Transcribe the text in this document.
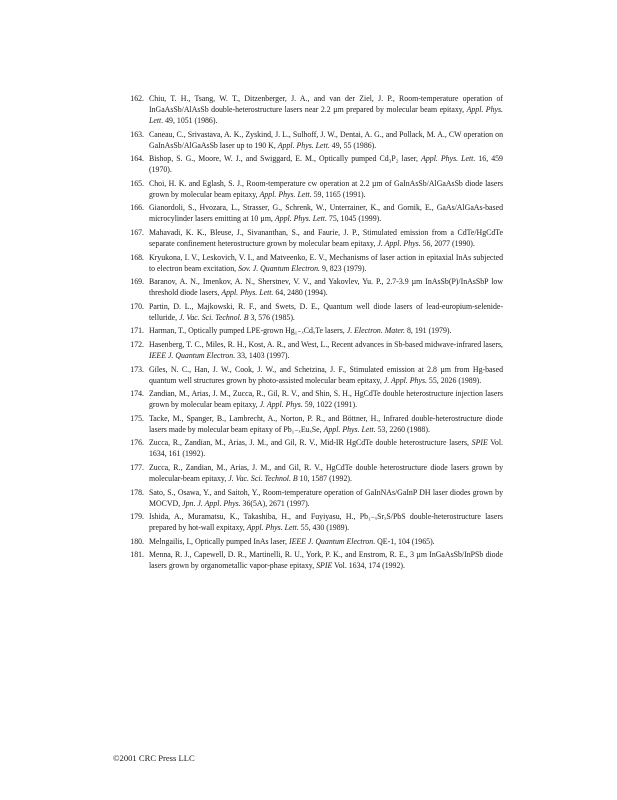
162. Chiu, T. H., Tsang, W. T., Ditzenberger, J. A., and van der Ziel, J. P., Room-temperature operation of InGaAsSb/AlAsSb double-heterostructure lasers near 2.2 µm prepared by molecular beam epitaxy, Appl. Phys. Lett. 49, 1051 (1986).
163. Caneau, C., Srivastava, A. K., Zyskind, J. L., Sulhoff, J. W., Dentai, A. G., and Pollack, M. A., CW operation on GaInAsSb/AlGaAsSb laser up to 190 K, Appl. Phys. Lett. 49, 55 (1986).
164. Bishop, S. G., Moore, W. J., and Swiggard, E. M., Optically pumped Cd₃P₂ laser, Appl. Phys. Lett. 16, 459 (1970).
165. Choi, H. K. and Eglash, S. J., Room-temperature cw operation at 2.2 µm of GaInAsSb/AlGaAsSb diode lasers grown by molecular beam epitaxy, Appl. Phys. Lett. 59, 1165 (1991).
166. Gianordoli, S., Hvozara, L., Strasser, G., Schrenk, W., Unterrainer, K., and Gornik, E., GaAs/AlGaAs-based microcylinder lasers emitting at 10 µm, Appl. Phys. Lett. 75, 1045 (1999).
167. Mahavadi, K. K., Bleuse, J., Sivananthan, S., and Faurie, J. P., Stimulated emission from a CdTe/HgCdTe separate confinement heterostructure grown by molecular beam epitaxy, J. Appl. Phys. 56, 2077 (1990).
168. Kryukona, I. V., Leskovich, V. I., and Matveenko, E. V., Mechanisms of laser action in epitaxial InAs subjected to electron beam excitation, Sov. J. Quantum Electron. 9, 823 (1979).
169. Baranov, A. N., Imenkov, A. N., Sherstnev, V. V., and Yakovlev, Yu. P., 2.7-3.9 µm InAsSb(P)/InAsSbP low threshold diode lasers, Appl. Phys. Lett. 64, 2480 (1994).
170. Partin, D. L., Majkowski, R. F., and Swets, D. E., Quantum well diode lasers of lead-europium-selenide-telluride, J. Vac. Sci. Technol. B 3, 576 (1985).
171. Harman, T., Optically pumped LPE-grown Hg₁₋ₓCdₓTe lasers, J. Electron. Mater. 8, 191 (1979).
172. Hasenberg, T. C., Miles, R. H., Kost, A. R., and West, L., Recent advances in Sb-based midwave-infrared lasers, IEEE J. Quantum Electron. 33, 1403 (1997).
173. Giles, N. C., Han, J. W., Cook, J. W., and Schetzina, J. F., Stimulated emission at 2.8 µm from Hg-based quantum well structures grown by photo-assisted molecular beam epitaxy, J. Appl. Phys. 55, 2026 (1989).
174. Zandian, M., Arias, J. M., Zucca, R., Gil, R. V., and Shin, S. H., HgCdTe double heterostructure injection lasers grown by molecular beam epitaxy, J. Appl. Phys. 59, 1022 (1991).
175. Tacke, M., Spanger, B., Lambrecht, A., Norton, P. R., and Böttner, H., Infrared double-heterostructure diode lasers made by molecular beam epitaxy of Pb₁₋ₓEuₓSe, Appl. Phys. Lett. 53, 2260 (1988).
176. Zucca, R., Zandian, M., Arias, J. M., and Gil, R. V., Mid-IR HgCdTe double heterostructure lasers, SPIE Vol. 1634, 161 (1992).
177. Zucca, R., Zandian, M., Arias, J. M., and Gil, R. V., HgCdTe double heterostructure diode lasers grown by molecular-beam epitaxy, J. Vac. Sci. Technol. B 10, 1587 (1992).
178. Sato, S., Osawa, Y., and Saitoh, Y., Room-temperature operation of GaInNAs/GaInP DH laser diodes grown by MOCVD, Jpn. J. Appl. Phys. 36(5A), 2671 (1997).
179. Ishida, A., Muramatsu, K., Takashiba, H., and Fuyiyasu, H., Pb₁₋ₓSrₓS/PbS double-heterostructure lasers prepared by hot-wall expitaxy, Appl. Phys. Lett. 55, 430 (1989).
180. Melngailis, I., Optically pumped InAs laser, IEEE J. Quantum Electron. QE-1, 104 (1965).
181. Menna, R. J., Capewell, D. R., Martinelli, R. U., York, P. K., and Enstrom, R. E., 3 µm InGaAsSb/InPSb diode lasers grown by organometallic vapor-phase epitaxy, SPIE Vol. 1634, 174 (1992).
©2001 CRC Press LLC
